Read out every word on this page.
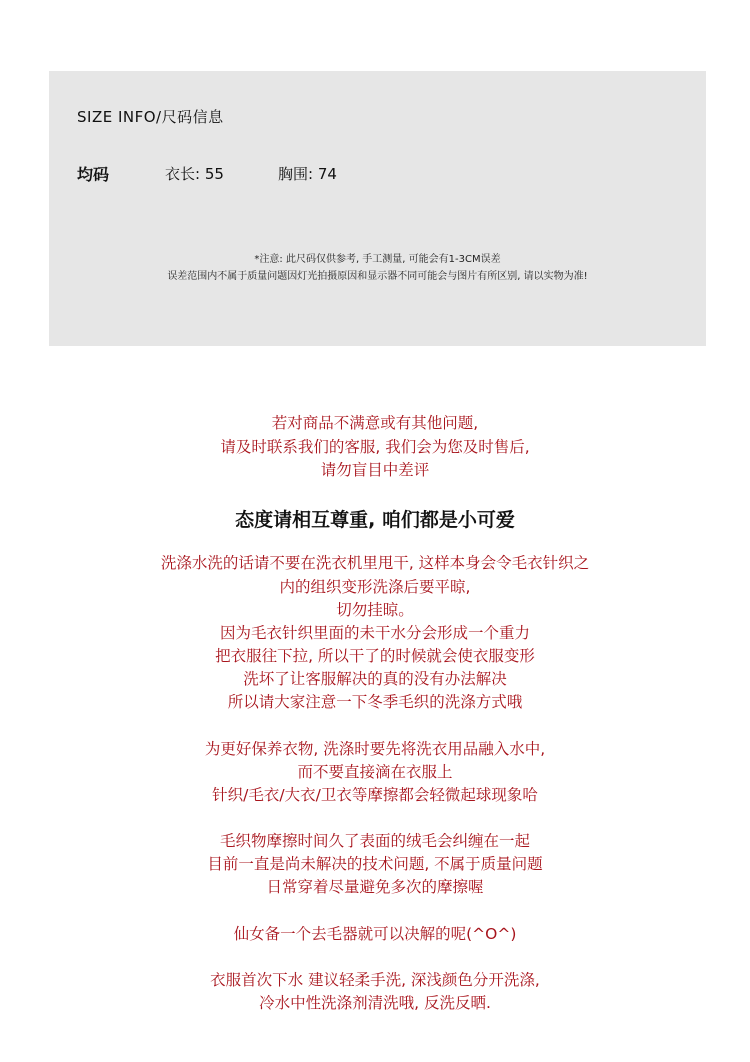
SIZE INFO/尺码信息
均码	衣长: 55	胸围: 74
*注意: 此尺码仅供参考, 手工测量, 可能会有1-3CM误差
误差范围内不属于质量问题因灯光拍摄原因和显示器不同可能会与图片有所区别, 请以实物为准!
若对商品不满意或有其他问题,
请及时联系我们的客服, 我们会为您及时售后,
请勿盲目中差评
态度请相互尊重, 咱们都是小可爱
洗涤水洗的话请不要在洗衣机里甩干, 这样本身会令毛衣针织之
内的组织变形洗涤后要平晾,
切勿挂晾。
因为毛衣针织里面的未干水分会形成一个重力
把衣服往下拉, 所以干了的时候就会使衣服变形
洗坏了让客服解决的真的没有办法解决
所以请大家注意一下冬季毛织的洗涤方式哦
为更好保养衣物, 洗涤时要先将洗衣用品融入水中,
而不要直接滴在衣服上
针织/毛衣/大衣/卫衣等摩擦都会轻微起球现象哈
毛织物摩擦时间久了表面的绒毛会纠缠在一起
目前一直是尚未解决的技术问题, 不属于质量问题
日常穿着尽量避免多次的摩擦喔
仙女备一个去毛器就可以决解的呢(^O^)
衣服首次下水 建议轻柔手洗, 深浅颜色分开洗涤,
冷水中性洗涤剂清洗哦, 反洗反晒.
